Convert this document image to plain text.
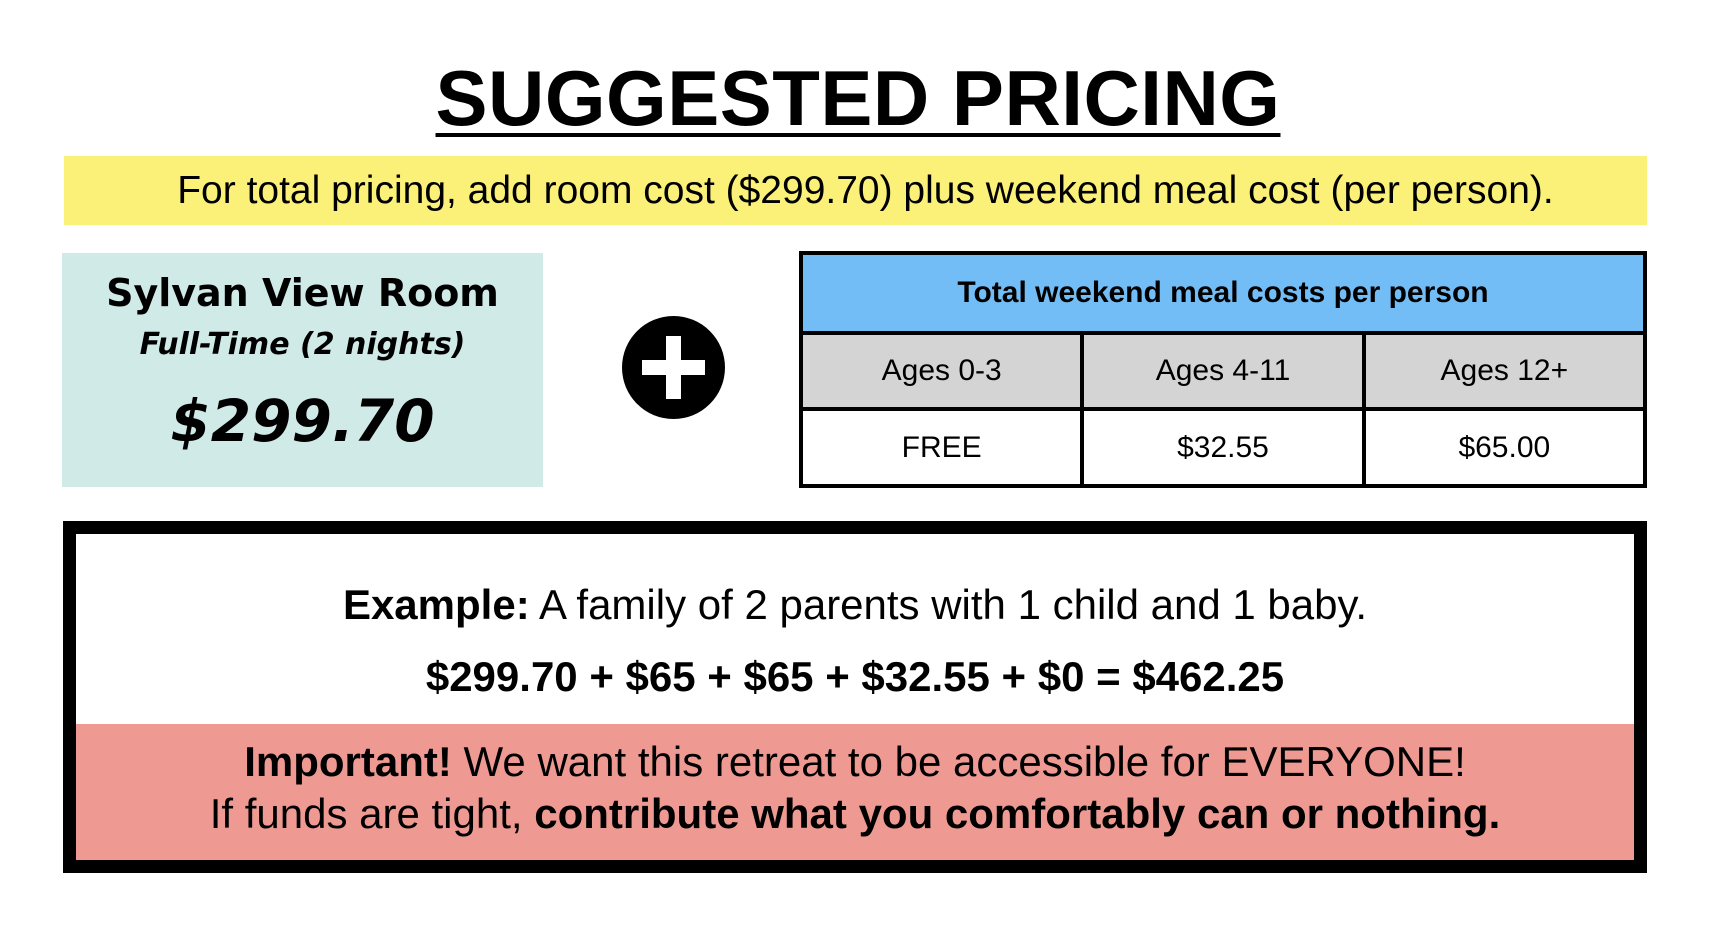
SUGGESTED PRICING
For total pricing, add room cost ($299.70) plus weekend meal cost (per person).
Sylvan View Room
Full-Time (2 nights)
$299.70
Total weekend meal costs per person		
Ages 0-3	Ages 4-11	Ages 12+
FREE	$32.55	$65.00
Example: A family of 2 parents with 1 child and 1 baby.
$299.70 + $65 + $65 + $32.55 + $0 = $462.25
Important! We want this retreat to be accessible for EVERYONE!
If funds are tight, contribute what you comfortably can or nothing.
